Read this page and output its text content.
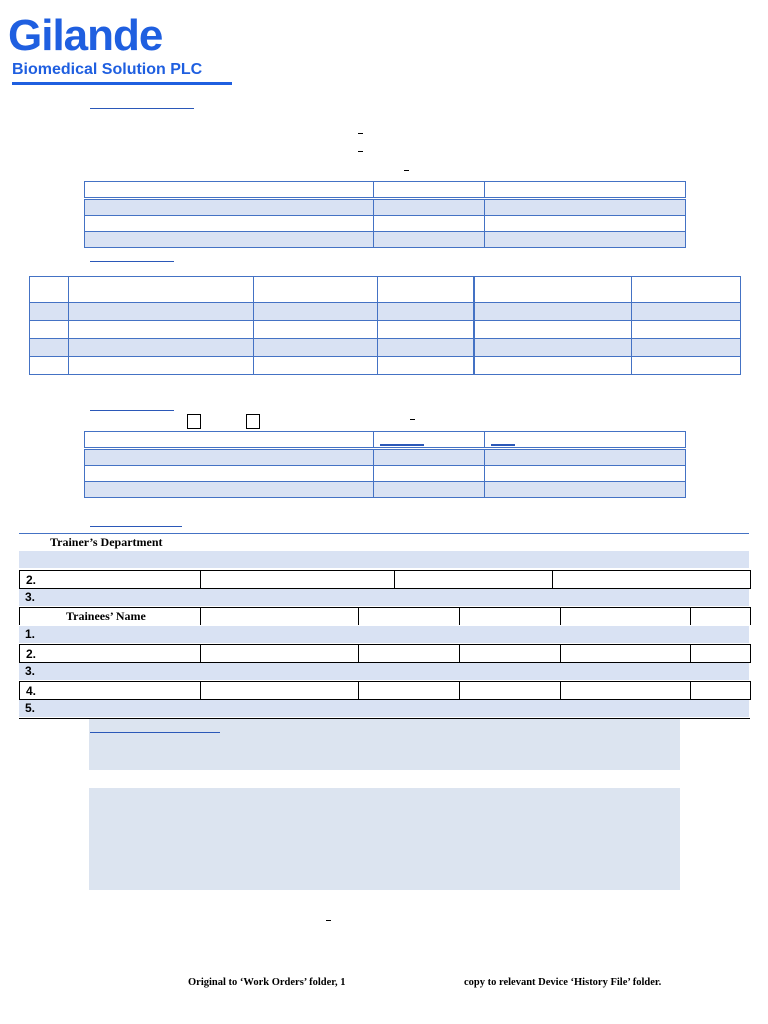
Gilande
Biomedical Solution PLC

Trainer’s Department
2.			
3.
Trainees’ Name					
1.
2.					
3.
4.					
5.
Original to ‘Work Orders’ folder, 1	copy to relevant Device ‘History File’ folder.
